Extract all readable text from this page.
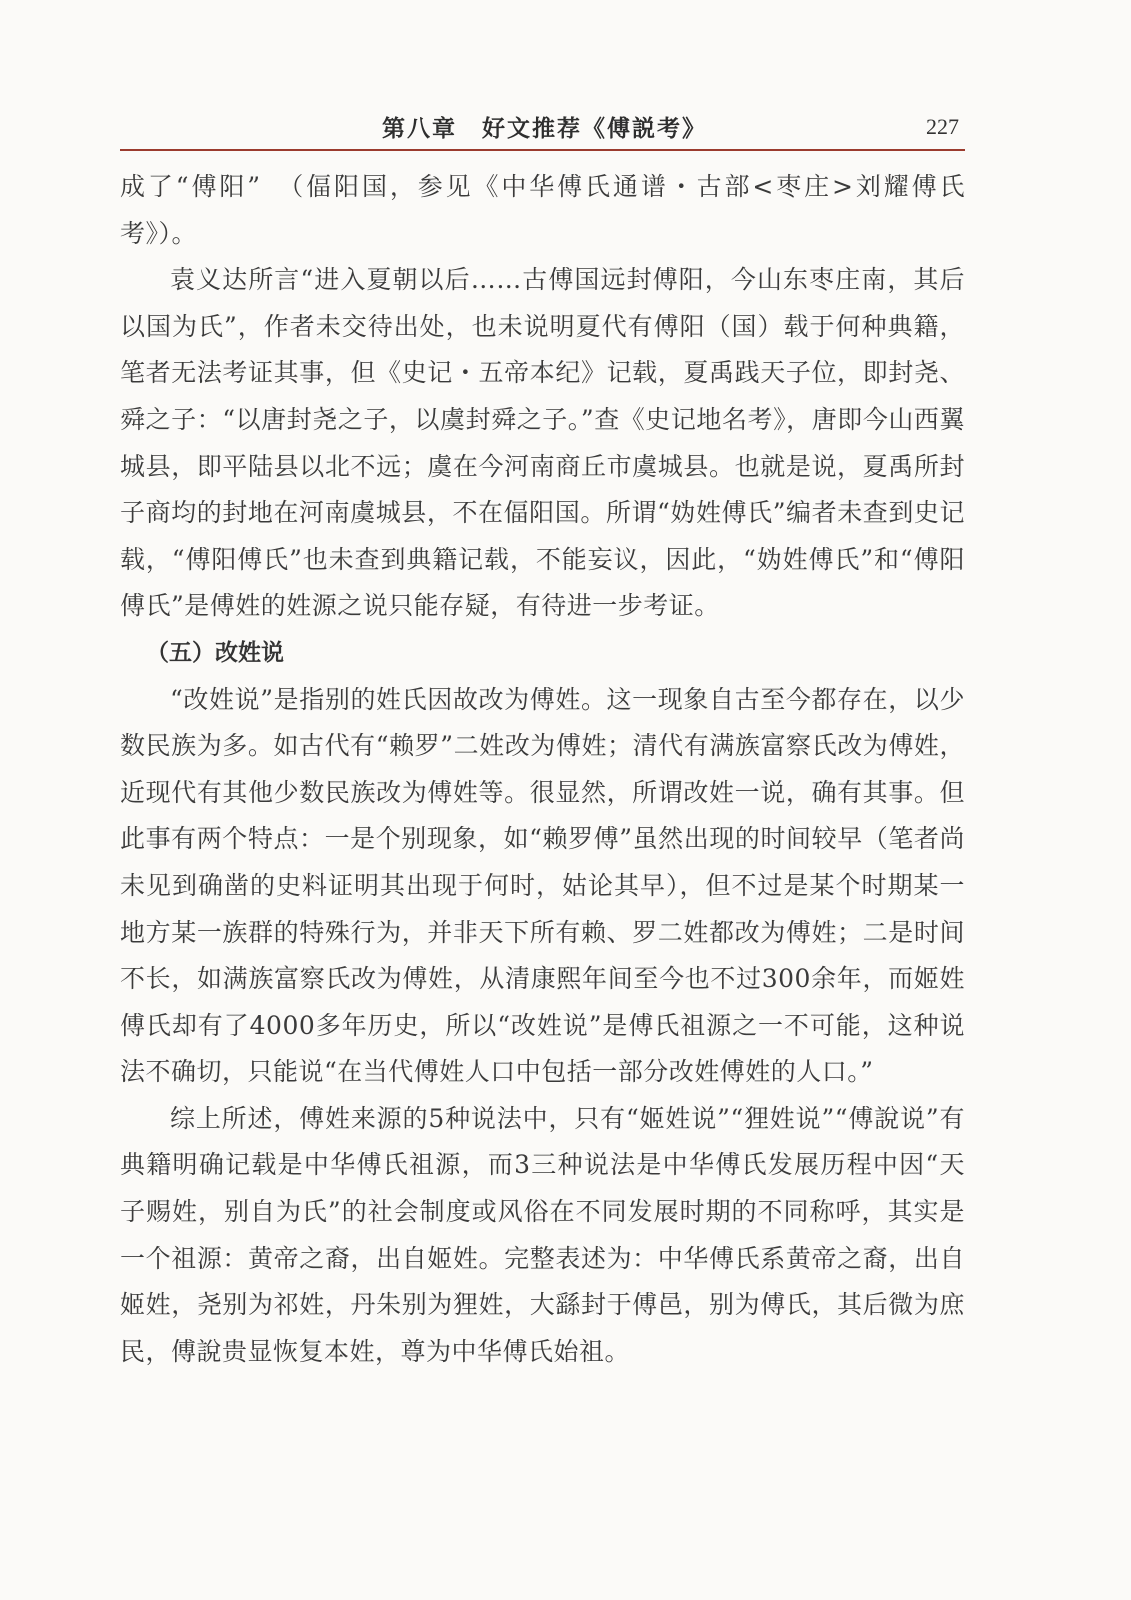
第八章　好文推荐《傅説考》	227

成了“傅阳”　（偪阳国，参见《中华傅氏通谱・古部<枣庄>刘耀傅氏考》）。

袁义达所言“进入夏朝以后……古傅国远封傅阳，今山东枣庄南，其后以国为氏”，作者未交待出处，也未说明夏代有傅阳（国）载于何种典籍，笔者无法考证其事，但《史记・五帝本纪》记载，夏禹践天子位，即封尧、舜之子：“以唐封尧之子，以虞封舜之子。”查《史记地名考》，唐即今山西翼城县，即平陆县以北不远；虞在今河南商丘市虞城县。也就是说，夏禹所封子商均的封地在河南虞城县，不在偪阳国。所谓“妫姓傅氏”编者未查到史记载，“傅阳傅氏”也未查到典籍记载，不能妄议，因此，“妫姓傅氏”和“傅阳傅氏”是傅姓的姓源之说只能存疑，有待进一步考证。

（五）改姓说

“改姓说”是指别的姓氏因故改为傅姓。这一现象自古至今都存在，以少数民族为多。如古代有“赖罗”二姓改为傅姓；清代有满族富察氏改为傅姓，近现代有其他少数民族改为傅姓等。很显然，所谓改姓一说，确有其事。但此事有两个特点：一是个别现象，如“赖罗傅”虽然出现的时间较早（笔者尚未见到确凿的史料证明其出现于何时，姑论其早），但不过是某个时期某一地方某一族群的特殊行为，并非天下所有赖、罗二姓都改为傅姓；二是时间不长，如满族富察氏改为傅姓，从清康熙年间至今也不过300余年，而姬姓傅氏却有了4000多年历史，所以“改姓说”是傅氏祖源之一不可能，这种说法不确切，只能说“在当代傅姓人口中包括一部分改姓傅姓的人口。”

综上所述，傅姓来源的5种说法中，只有“姬姓说”“狸姓说”“傅說说”有典籍明确记载是中华傅氏祖源，而3三种说法是中华傅氏发展历程中因“天子赐姓，别自为氏”的社会制度或风俗在不同发展时期的不同称呼，其实是一个祖源：黄帝之裔，出自姬姓。完整表述为：中华傅氏系黄帝之裔，出自姬姓，尧别为祁姓，丹朱别为狸姓，大繇封于傅邑，别为傅氏，其后微为庶民，傅說贵显恢复本姓，尊为中华傅氏始祖。
